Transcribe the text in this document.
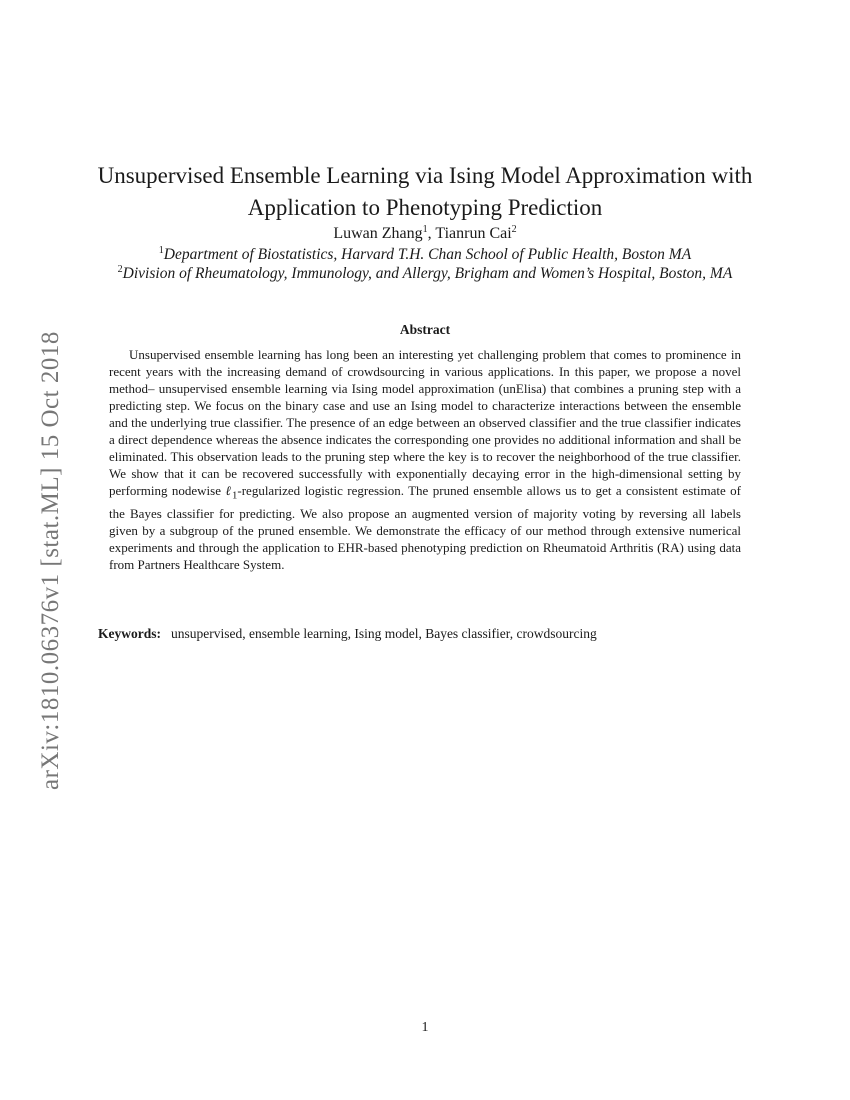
arXiv:1810.06376v1 [stat.ML] 15 Oct 2018
Unsupervised Ensemble Learning via Ising Model Approximation with
Application to Phenotyping Prediction
Luwan Zhang$^1$, Tianrun Cai$^2$
$^1$Department of Biostatistics, Harvard T.H. Chan School of Public Health, Boston MA
$^2$Division of Rheumatology, Immunology, and Allergy, Brigham and Women’s Hospital, Boston, MA
Abstract

Unsupervised ensemble learning has long been an interesting yet challenging problem that comes to prominence in recent years with the increasing demand of crowdsourcing in various applications. In this paper, we propose a novel method– unsupervised ensemble learning via Ising model approximation (unElisa) that combines a pruning step with a predicting step. We focus on the binary case and use an Ising model to characterize interactions between the ensemble and the underlying true classifier. The presence of an edge between an observed classifier and the true classifier indicates a direct dependence whereas the absence indicates the corresponding one provides no additional information and shall be eliminated. This observation leads to the pruning step where the key is to recover the neighborhood of the true classifier. We show that it can be recovered successfully with exponentially decaying error in the high-dimensional setting by performing nodewise ℓ$_1$-regularized logistic regression. The pruned ensemble allows us to get a consistent estimate of the Bayes classifier for predicting. We also propose an augmented version of majority voting by reversing all labels given by a subgroup of the pruned ensemble. We demonstrate the efficacy of our method through extensive numerical experiments and through the application to EHR-based phenotyping prediction on Rheumatoid Arthritis (RA) using data from Partners Healthcare System.

Keywords: unsupervised, ensemble learning, Ising model, Bayes classifier, crowdsourcing
1
